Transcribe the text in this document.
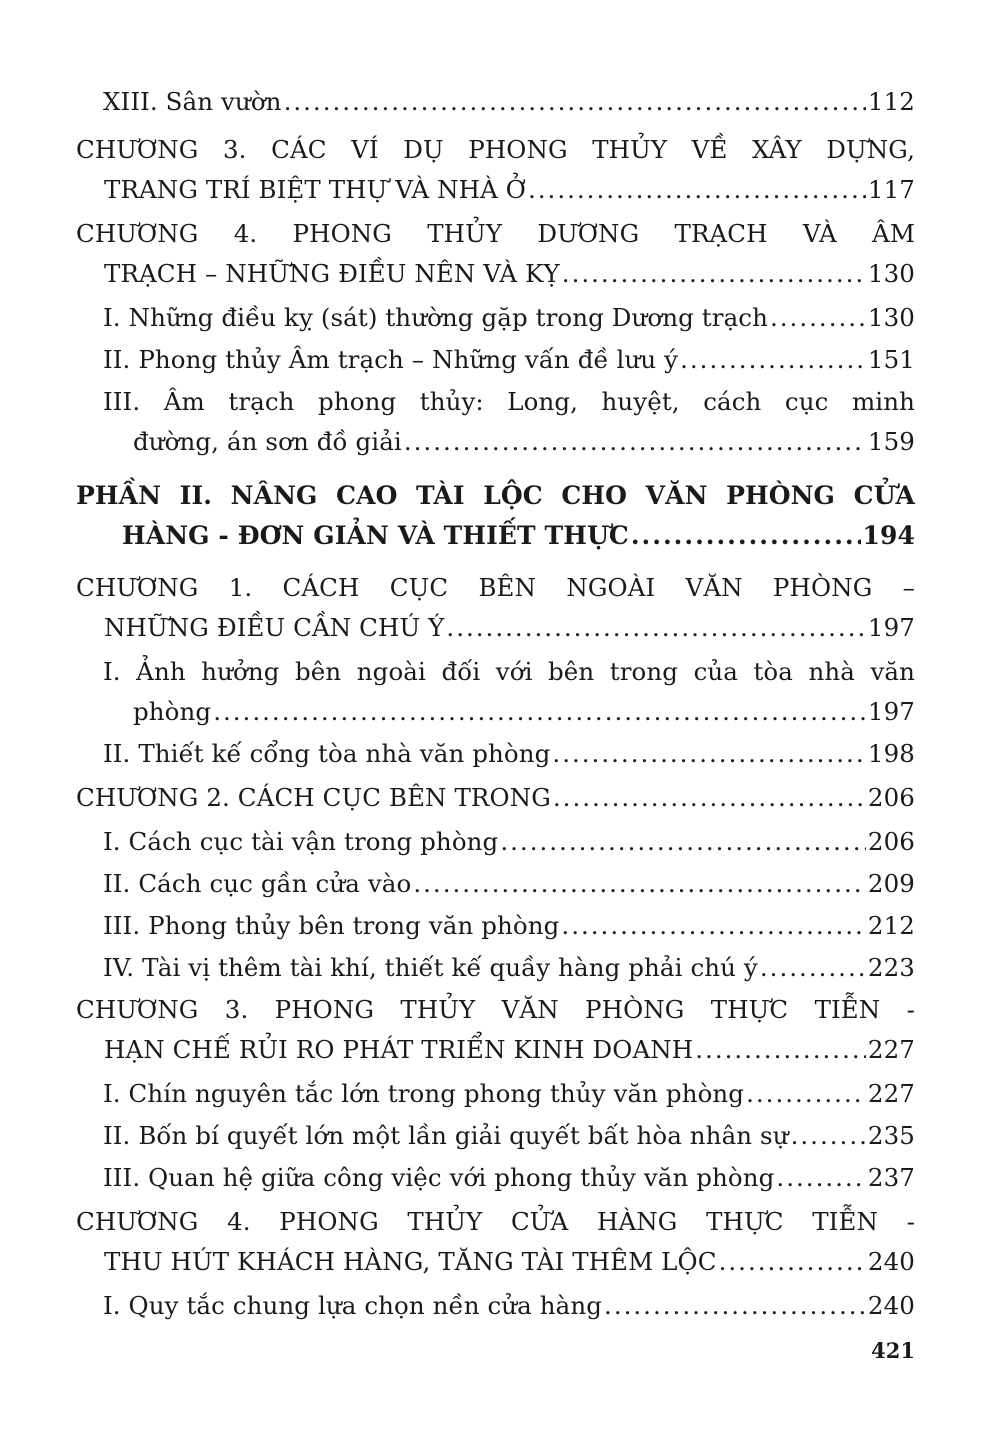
XIII. Sân vườn .....	112
CHƯƠNG 3. CÁC VÍ DỤ PHONG THỦY VỀ XÂY DỰNG,
TRANG TRÍ BIỆT THỰ VÀ NHÀ Ở .....	117
CHƯƠNG 4. PHONG THỦY DƯƠNG TRẠCH VÀ ÂM
TRẠCH – NHỮNG ĐIỀU NÊN VÀ KỴ .....	130
I. Những điều kỵ (sát) thường gặp trong Dương trạch .....	130
II. Phong thủy Âm trạch – Những vấn đề lưu ý .....	151
III. Âm trạch phong thủy: Long, huyệt, cách cục minh
đường, án sơn đồ giải .....	159
PHẦN II. NÂNG CAO TÀI LỘC CHO VĂN PHÒNG CỬA
HÀNG - ĐƠN GIẢN VÀ THIẾT THỰC .....	194
CHƯƠNG 1. CÁCH CỤC BÊN NGOÀI VĂN PHÒNG –
NHỮNG ĐIỀU CẦN CHÚ Ý .....	197
I. Ảnh hưởng bên ngoài đối với bên trong của tòa nhà văn
phòng .....	197
II. Thiết kế cổng tòa nhà văn phòng .....	198
CHƯƠNG 2. CÁCH CỤC BÊN TRONG .....	206
I. Cách cục tài vận trong phòng .....	206
II. Cách cục gần cửa vào .....	209
III. Phong thủy bên trong văn phòng .....	212
IV. Tài vị thêm tài khí, thiết kế quầy hàng phải chú ý .....	223
CHƯƠNG 3. PHONG THỦY VĂN PHÒNG THỰC TIỄN -
HẠN CHẾ RỦI RO PHÁT TRIỂN KINH DOANH .....	227
I. Chín nguyên tắc lớn trong phong thủy văn phòng .....	227
II. Bốn bí quyết lớn một lần giải quyết bất hòa nhân sự .....	235
III. Quan hệ giữa công việc với phong thủy văn phòng .....	237
CHƯƠNG 4. PHONG THỦY CỬA HÀNG THỰC TIỄN -
THU HÚT KHÁCH HÀNG, TĂNG TÀI THÊM LỘC .....	240
I. Quy tắc chung lựa chọn nền cửa hàng .....	240
421
